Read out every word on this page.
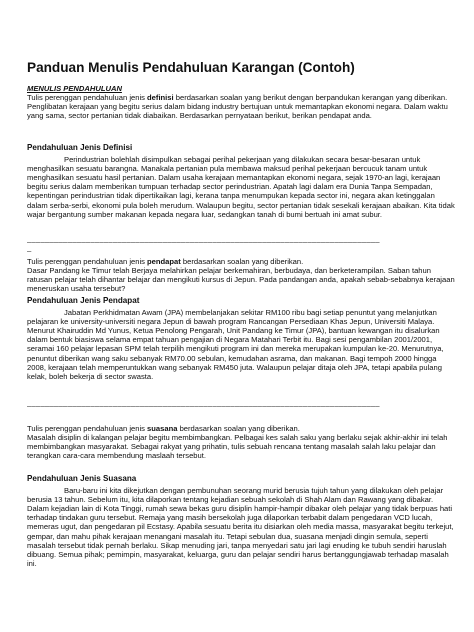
Panduan Menulis Pendahuluan Karangan (Contoh)

MENULIS PENDAHULUAN

Tulis perenggan pendahuluan jenis definisi berdasarkan soalan yang berikut dengan berpandukan kerangan yang diberikan.

Penglibatan kerajaan yang begitu serius dalam bidang industry bertujuan untuk memantapkan ekonomi negara. Dalam waktu yang sama, sector pertanian tidak diabaikan. Berdasarkan pernyataan berikut, berikan pendapat anda.

Pendahuluan Jenis Definisi

Perindustrian bolehlah disimpulkan sebagai perihal pekerjaan yang dilakukan secara besar-besaran untuk menghasilkan sesuatu barangna. Manakala pertanian pula membawa maksud perihal pekerjaan bercucuk tanam untuk menghasilkan sesuatu hasil pertanian. Dalam usaha kerajaan memantapkan ekonomi negara, sejak 1970-an lagi, kerajaan begitu serius dalam memberikan tumpuan terhadap sector perindustrian. Apatah lagi dalam era Dunia Tanpa Sempadan, kepentingan perindustrian tidak dipertikaikan lagi, kerana tanpa menumpukan kepada sector ini, negara akan ketinggalan dalam serba-serbi, ekonomi pula boleh merudum. Walaupun begitu, sector pertanian tidak sesekali kerajaan abaikan. Kita tidak wajar bergantung sumber makanan kepada negara luar, sedangkan tanah di bumi bertuah ini amat subur.

______________________________________________________________________________
_

Tulis perenggan pendahuluan jenis pendapat berdasarkan soalan yang diberikan.

Dasar Pandang ke Timur telah Berjaya melahirkan pelajar berkemahiran, berbudaya, dan berketerampilan. Saban tahun ratusan pelajar telah dihantar belajar dan mengikuti kursus di Jepun. Pada pandangan anda, apakah sebab-sebabnya kerajaan meneruskan usaha tersebut?

Pendahuluan Jenis Pendapat

Jabatan Perkhidmatan Awam (JPA) membelanjakan sekitar RM100 ribu bagi setiap penuntut yang melanjutkan pelajaran ke university-universiti negara Jepun di bawah program Rancangan Persediaan Khas Jepun, Universiti Malaya. Menurut Khairuddin Md Yunus, Ketua Penolong Pengarah, Unit Pandang ke Timur (JPA), bantuan kewangan itu disalurkan dalam bentuk biasiswa selama empat tahuan pengajian di Negara Matahari Terbit itu. Bagi sesi pengambilan 2001/2001, seramai 160 pelajar lepasan SPM telah terpilih mengikuti program ini dan mereka merupakan kumpulan ke-20. Menurutnya, penuntut diberikan wang saku sebanyak RM70.00 sebulan, kemudahan asrama, dan makanan. Bagi tempoh 2000 hingga 2008, kerajaan telah memperuntukkan wang sebanyak RM450 juta. Walaupun pelajar ditaja oleh JPA, tetapi apabila pulang kelak, boleh bekerja di sector swasta.

______________________________________________________________________________

Tulis perenggan pendahuluan jenis suasana berdasarkan soalan yang diberikan.

Masalah disiplin di kalangan pelajar begitu membimbangkan. Pelbagai kes salah saku yang berlaku sejak akhir-akhir ini telah membimbangkan masyarakat. Sebagai rakyat yang prihatin, tulis sebuah rencana tentang masalah salah laku pelajar dan terangkan cara-cara membendung maslaah tersebut.

Pendahuluan Jenis Suasana

Baru-baru ini kita dikejutkan dengan pembunuhan seorang murid berusia tujuh tahun yang dilakukan oleh pelajar berusia 13 tahun. Sebelum itu, kita dilaporkan tentang kejadian sebuah sekolah di Shah Alam dan Rawang yang dibakar. Dalam kejadian lain di Kota Tinggi, rumah sewa bekas guru disiplin hampir-hampir dibakar oleh pelajar yang tidak berpuas hati terhadap tindakan guru tersebut. Remaja yang masih bersekolah juga dilaporkan terbabit dalam pengedaran VCD lucah, memeras ugut, dan pengedaran pil Ecstasy. Apabila sesuatu berita itu disiarkan oleh media massa, masyarakat begitu terkejut, gempar, dan mahu pihak kerajaan menangani masalah itu. Tetapi sebulan dua, suasana menjadi dingin semula, seperti masalah tersebut tidak pernah berlaku. Sikap menuding jari, tanpa menyedari satu jari lagi enuding ke tubuh sendiri haruslah dibuang. Semua pihak; pemimpin, masyarakat, keluarga, guru dan pelajar sendiri harus bertanggungjawab terhadap masalah ini.
